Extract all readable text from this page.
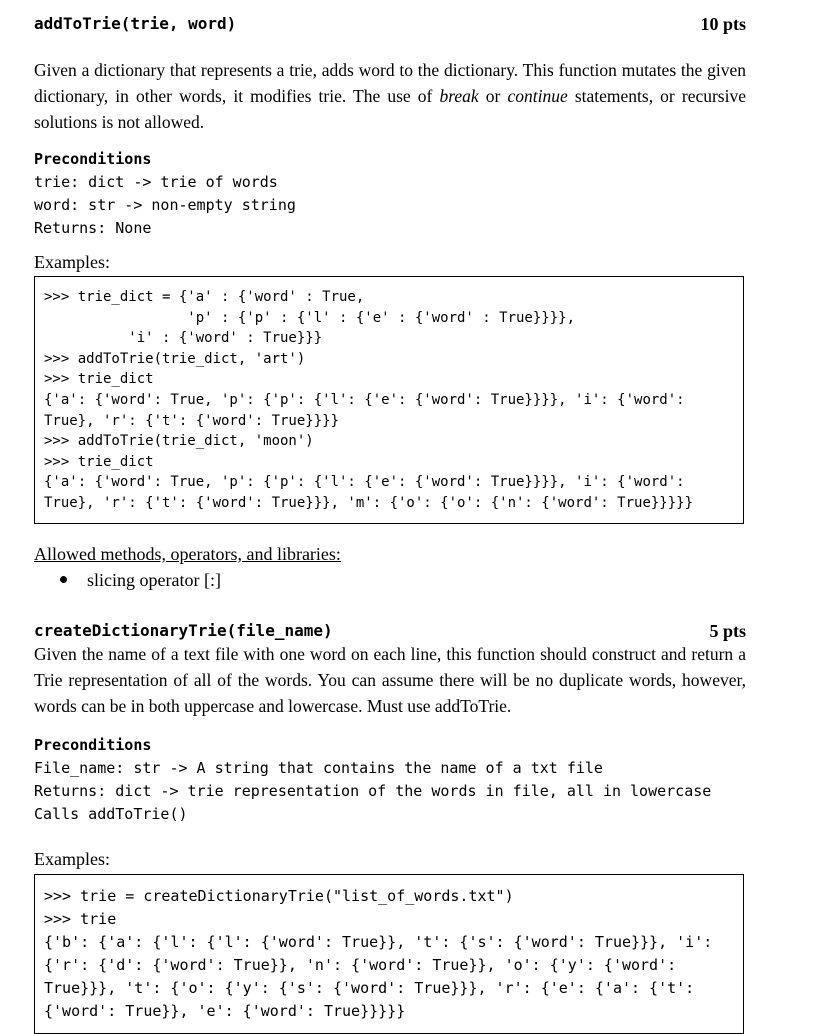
addToTrie(trie, word)	10 pts

Given a dictionary that represents a trie, adds word to the dictionary. This function mutates the given dictionary, in other words, it modifies trie. The use of break or continue statements, or recursive solutions is not allowed.

Preconditions
trie: dict -> trie of words
word: str -> non-empty string
Returns: None
Examples:
>>> trie_dict = {'a' : {'word' : True,
'p' : {'p' : {'l' : {'e' : {'word' : True}}}},
'i' : {'word' : True}}}
>>> addToTrie(trie_dict, 'art')
>>> trie_dict
{'a': {'word': True, 'p': {'p': {'l': {'e': {'word': True}}}}, 'i': {'word':
True}, 'r': {'t': {'word': True}}}}
>>> addToTrie(trie_dict, 'moon')
>>> trie_dict
{'a': {'word': True, 'p': {'p': {'l': {'e': {'word': True}}}}, 'i': {'word':
True}, 'r': {'t': {'word': True}}}, 'm': {'o': {'o': {'n': {'word': True}}}}}
Allowed methods, operators, and libraries:
slicing operator [:]
createDictionaryTrie(file_name)	5 pts

Given the name of a text file with one word on each line, this function should construct and return a Trie representation of all of the words. You can assume there will be no duplicate words, however, words can be in both uppercase and lowercase. Must use addToTrie.

Preconditions
File_name: str -> A string that contains the name of a txt file
Returns: dict -> trie representation of the words in file, all in lowercase
Calls addToTrie()
Examples:
>>> trie = createDictionaryTrie("list_of_words.txt")
>>> trie
{'b': {'a': {'l': {'l': {'word': True}}, 't': {'s': {'word': True}}}, 'i':
{'r': {'d': {'word': True}}, 'n': {'word': True}}, 'o': {'y': {'word':
True}}}, 't': {'o': {'y': {'s': {'word': True}}}, 'r': {'e': {'a': {'t':
{'word': True}}, 'e': {'word': True}}}}}
